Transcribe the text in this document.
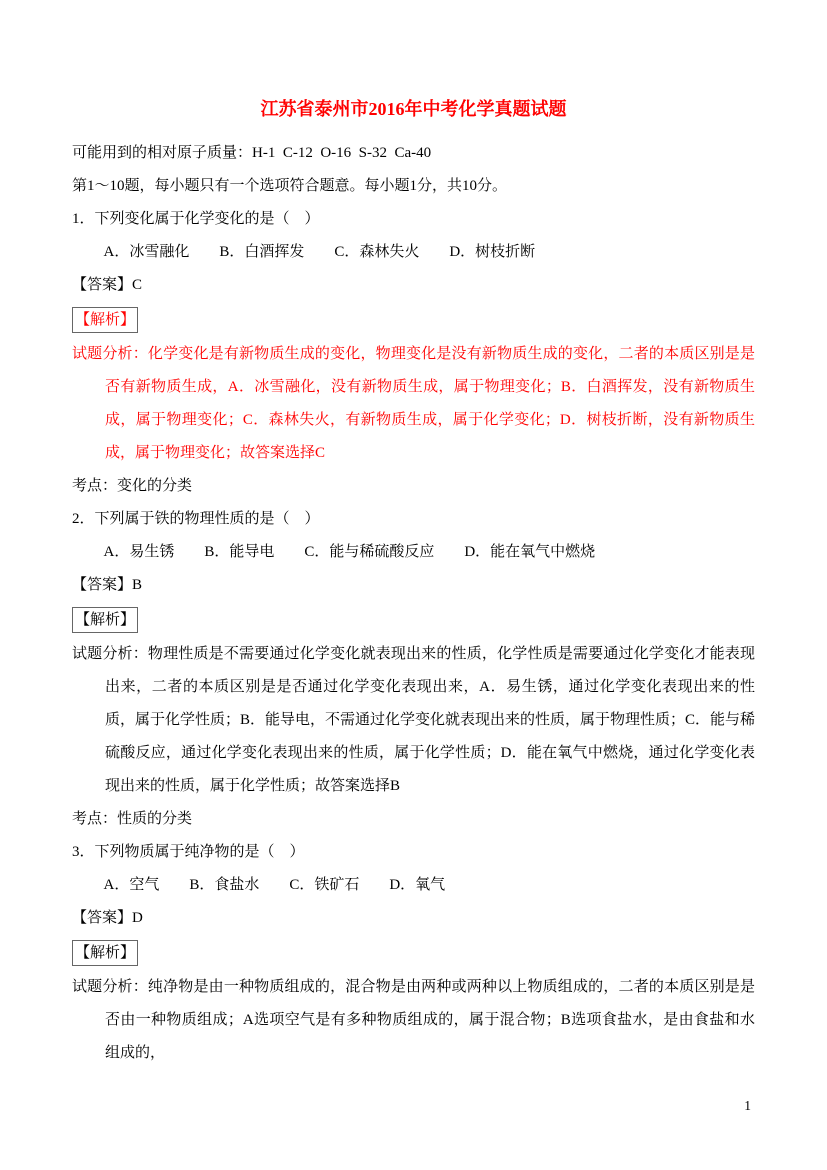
江苏省泰州市2016年中考化学真题试题

可能用到的相对原子质量：H-1  C-12  O-16  S-32  Ca-40

第1～10题，每小题只有一个选项符合题意。每小题1分，共10分。

1．下列变化属于化学变化的是（　）

A．冰雪融化　　B．白酒挥发　　C．森林失火　　D．树枝折断

【答案】C

【解析】

试题分析：化学变化是有新物质生成的变化，物理变化是没有新物质生成的变化，二者的本质区别是是否有新物质生成，A．冰雪融化，没有新物质生成，属于物理变化；B．白酒挥发，没有新物质生成，属于物理变化；C．森林失火，有新物质生成，属于化学变化；D．树枝折断，没有新物质生成，属于物理变化；故答案选择C

考点：变化的分类

2．下列属于铁的物理性质的是（　）

A．易生锈　　B．能导电　　C．能与稀硫酸反应　　D．能在氧气中燃烧

【答案】B

【解析】

试题分析：物理性质是不需要通过化学变化就表现出来的性质，化学性质是需要通过化学变化才能表现出来，二者的本质区别是是否通过化学变化表现出来，A．易生锈，通过化学变化表现出来的性质，属于化学性质；B．能导电，不需通过化学变化就表现出来的性质，属于物理性质；C．能与稀硫酸反应，通过化学变化表现出来的性质，属于化学性质；D．能在氧气中燃烧，通过化学变化表现出来的性质，属于化学性质；故答案选择B

考点：性质的分类

3．下列物质属于纯净物的是（　）

A．空气　　B．食盐水　　C．铁矿石　　D．氧气

【答案】D

【解析】

试题分析：纯净物是由一种物质组成的，混合物是由两种或两种以上物质组成的，二者的本质区别是是否由一种物质组成；A选项空气是有多种物质组成的，属于混合物；B选项食盐水，是由食盐和水组成的，

1
